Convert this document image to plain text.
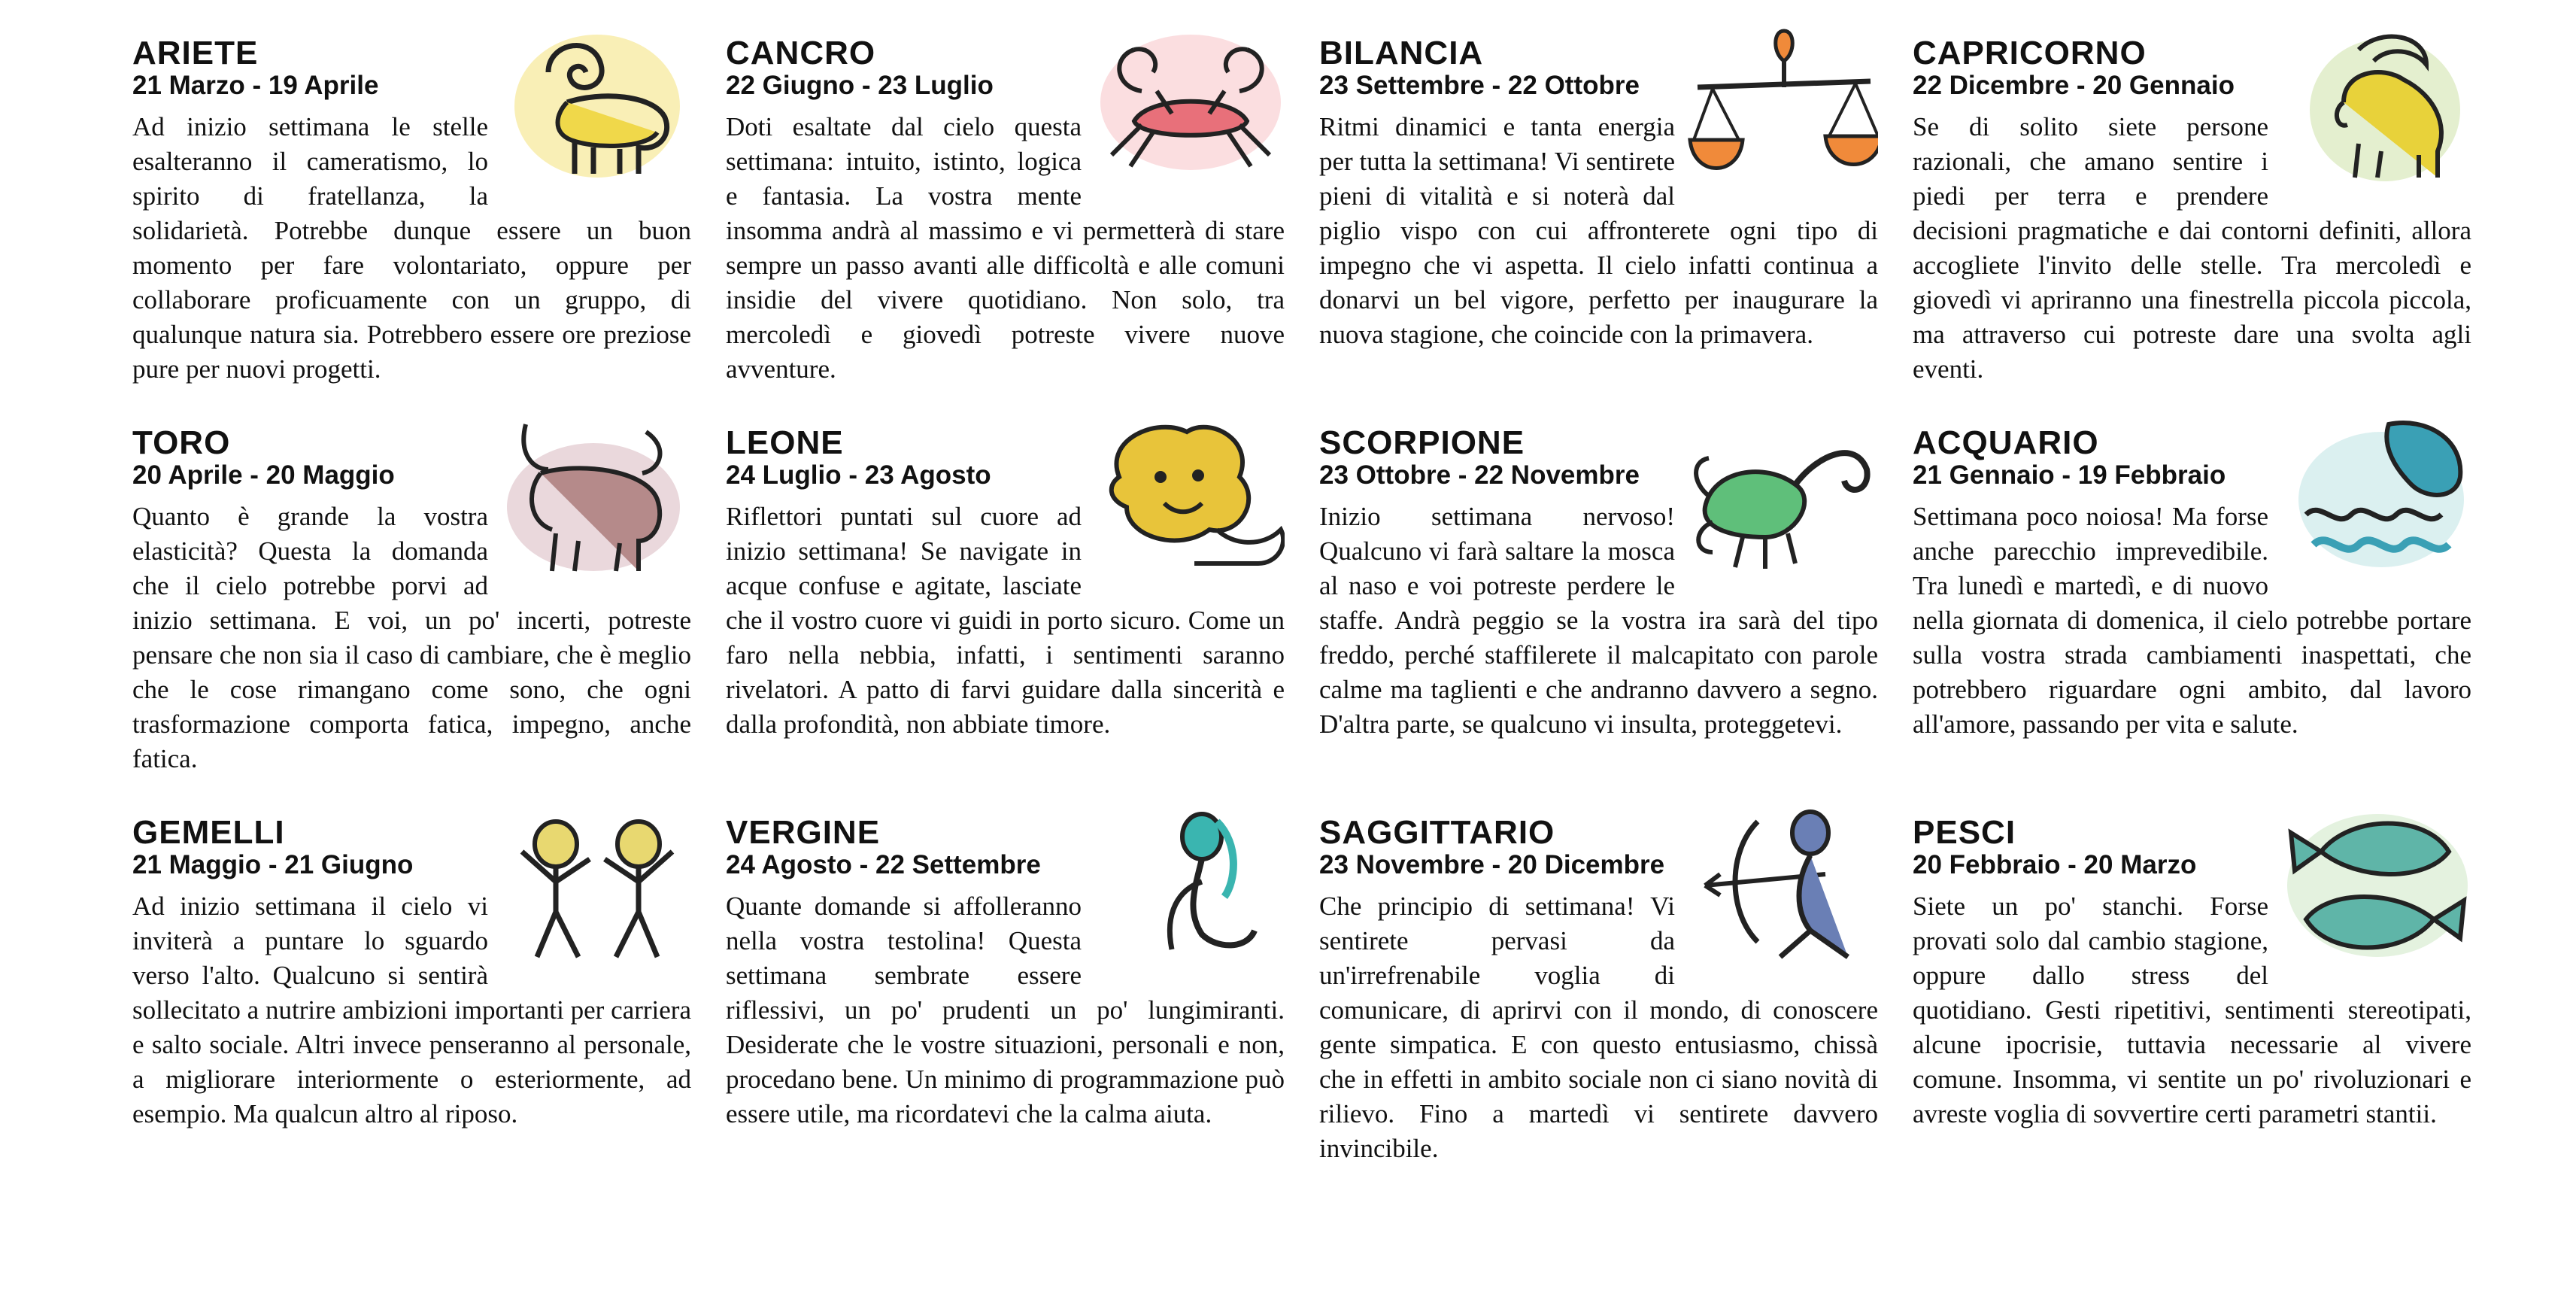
ARIETE
21 Marzo - 19 Aprile

Ad inizio settimana le stelle esalteranno il cameratismo, lo spirito di fratellanza, la solidarietà. Potrebbe dunque essere un buon momento per fare volontariato, oppure per collaborare proficuamente con un gruppo, di qualunque natura sia. Potrebbero essere ore preziose pure per nuovi progetti.

CANCRO
22 Giugno - 23 Luglio

Doti esaltate dal cielo questa settimana: intuito, istinto, logica e fantasia. La vostra mente insomma andrà al massimo e vi permetterà di stare sempre un passo avanti alle difficoltà e alle comuni insidie del vivere quotidiano. Non solo, tra mercoledì e giovedì potreste vivere nuove avventure.

BILANCIA
23 Settembre - 22 Ottobre

Ritmi dinamici e tanta energia per tutta la settimana! Vi sentirete pieni di vitalità e si noterà dal piglio vispo con cui affronterete ogni tipo di impegno che vi aspetta. Il cielo infatti continua a donarvi un bel vigore, perfetto per inaugurare la nuova stagione, che coincide con la primavera.

CAPRICORNO
22 Dicembre - 20 Gennaio

Se di solito siete persone razionali, che amano sentire i piedi per terra e prendere decisioni pragmatiche e dai contorni definiti, allora accogliete l'invito delle stelle. Tra mercoledì e giovedì vi apriranno una finestrella piccola piccola, ma attraverso cui potreste dare una svolta agli eventi.

TORO
20 Aprile - 20 Maggio

Quanto è grande la vostra elasticità? Questa la domanda che il cielo potrebbe porvi ad inizio settimana. E voi, un po' incerti, potreste pensare che non sia il caso di cambiare, che è meglio che le cose rimangano come sono, che ogni trasformazione comporta fatica, impegno, anche fatica.

LEONE
24 Luglio - 23 Agosto

Riflettori puntati sul cuore ad inizio settimana! Se navigate in acque confuse e agitate, lasciate che il vostro cuore vi guidi in porto sicuro. Come un faro nella nebbia, infatti, i sentimenti saranno rivelatori. A patto di farvi guidare dalla sincerità e dalla profondità, non abbiate timore.

SCORPIONE
23 Ottobre - 22 Novembre

Inizio settimana nervoso! Qualcuno vi farà saltare la mosca al naso e voi potreste perdere le staffe. Andrà peggio se la vostra ira sarà del tipo freddo, perché staffilerete il malcapitato con parole calme ma taglienti e che andranno davvero a segno. D'altra parte, se qualcuno vi insulta, proteggetevi.

ACQUARIO
21 Gennaio - 19 Febbraio

Settimana poco noiosa! Ma forse anche parecchio imprevedibile. Tra lunedì e martedì, e di nuovo nella giornata di domenica, il cielo potrebbe portare sulla vostra strada cambiamenti inaspettati, che potrebbero riguardare ogni ambito, dal lavoro all'amore, passando per vita e salute.

GEMELLI
21 Maggio - 21 Giugno

Ad inizio settimana il cielo vi inviterà a puntare lo sguardo verso l'alto. Qualcuno si sentirà sollecitato a nutrire ambizioni importanti per carriera e salto sociale. Altri invece penseranno al personale, a migliorare interiormente o esteriormente, ad esempio. Ma qualcun altro al riposo.

VERGINE
24 Agosto - 22 Settembre

Quante domande si affolleranno nella vostra testolina! Questa settimana sembrate essere riflessivi, un po' prudenti un po' lungimiranti. Desiderate che le vostre situazioni, personali e non, procedano bene. Un minimo di programmazione può essere utile, ma ricordatevi che la calma aiuta.

SAGGITTARIO
23 Novembre - 20 Dicembre

Che principio di settimana! Vi sentirete pervasi da un'irrefrenabile voglia di comunicare, di aprirvi con il mondo, di conoscere gente simpatica. E con questo entusiasmo, chissà che in effetti in ambito sociale non ci siano novità di rilievo. Fino a martedì vi sentirete davvero invincibile.

PESCI
20 Febbraio - 20 Marzo

Siete un po' stanchi. Forse provati solo dal cambio stagione, oppure dallo stress del quotidiano. Gesti ripetitivi, sentimenti stereotipati, alcune ipocrisie, tuttavia necessarie al vivere comune. Insomma, vi sentite un po' rivoluzionari e avreste voglia di sovvertire certi parametri stantii.
